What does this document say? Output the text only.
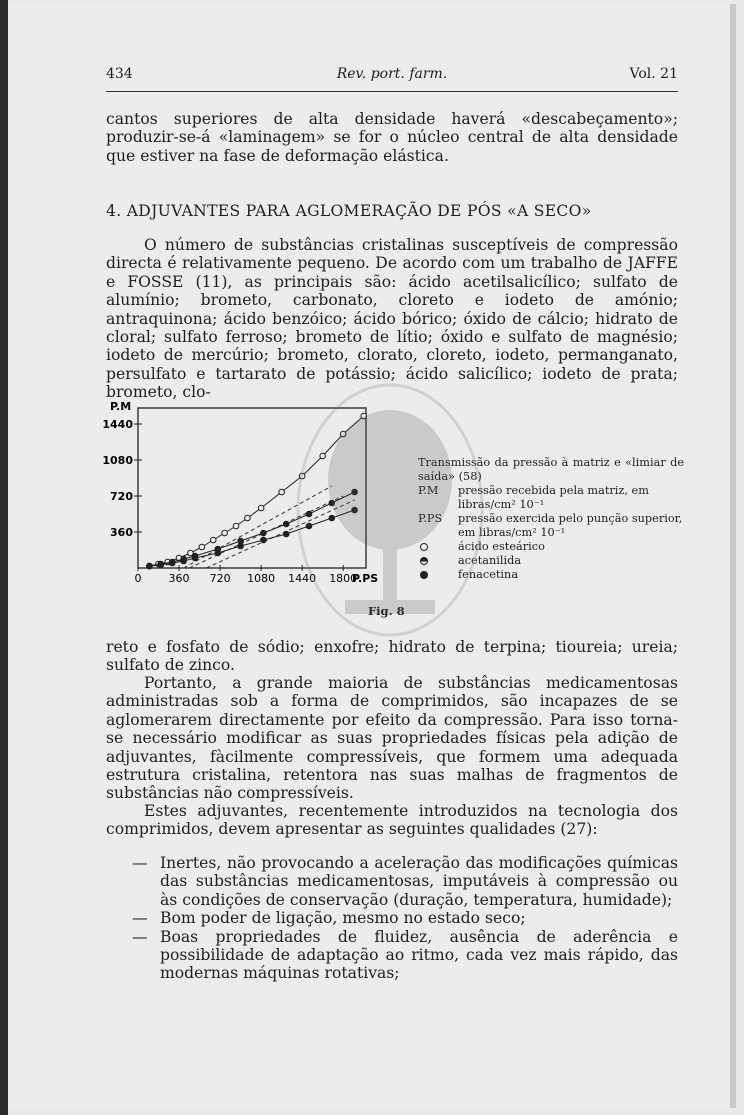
434	Rev. port. farm.	Vol. 21

cantos superiores de alta densidade haverá «descabeçamento»; produzir-se-á «laminagem» se for o núcleo central de alta densidade que estiver na fase de deformação elástica.

4. ADJUVANTES PARA AGLOMERAÇÃO DE PÓS «A SECO»

O número de substâncias cristalinas susceptíveis de compressão directa é relativamente pequeno. De acordo com um trabalho de JAFFE e FOSSE (11), as principais são: ácido acetilsalicílico; sulfato de alumínio; brometo, carbonato, cloreto e iodeto de amónio; antraquinona; ácido benzóico; ácido bórico; óxido de cálcio; hidrato de cloral; sulfato ferroso; brometo de lítio; óxido e sulfato de magnésio; iodeto de mercúrio; brometo, clorato, cloreto, iodeto, permanganato, persulfato e tartarato de potássio; ácido salicílico; iodeto de prata; brometo, clo-

360
720
1080
1440
0 360 720 1080 1440 1800
P.M
P.PS
Transmissão da pressão à matriz e «limiar de saída» (58)
P.M pressão recebida pela matriz, em libras/cm² 10⁻¹
P.PS pressão exercida pelo punção superior, em libras/cm² 10⁻¹
ácido esteárico
acetanilida
fenacetina
Fig. 8

reto e fosfato de sódio; enxofre; hidrato de terpina; tioureia; ureia; sulfato de zinco.

Portanto, a grande maioria de substâncias medicamentosas administradas sob a forma de comprimidos, são incapazes de se aglomerarem directamente por efeito da compressão. Para isso torna-se necessário modificar as suas propriedades físicas pela adição de adjuvantes, fàcilmente compressíveis, que formem uma adequada estrutura cristalina, retentora nas suas malhas de fragmentos de substâncias não compressíveis.

Estes adjuvantes, recentemente introduzidos na tecnologia dos comprimidos, devem apresentar as seguintes qualidades (27):

— Inertes, não provocando a aceleração das modificações químicas das substâncias medicamentosas, imputáveis à compressão ou às condições de conservação (duração, temperatura, humidade);
— Bom poder de ligação, mesmo no estado seco;
— Boas propriedades de fluidez, ausência de aderência e possibilidade de adaptação ao ritmo, cada vez mais rápido, das modernas máquinas rotativas;
